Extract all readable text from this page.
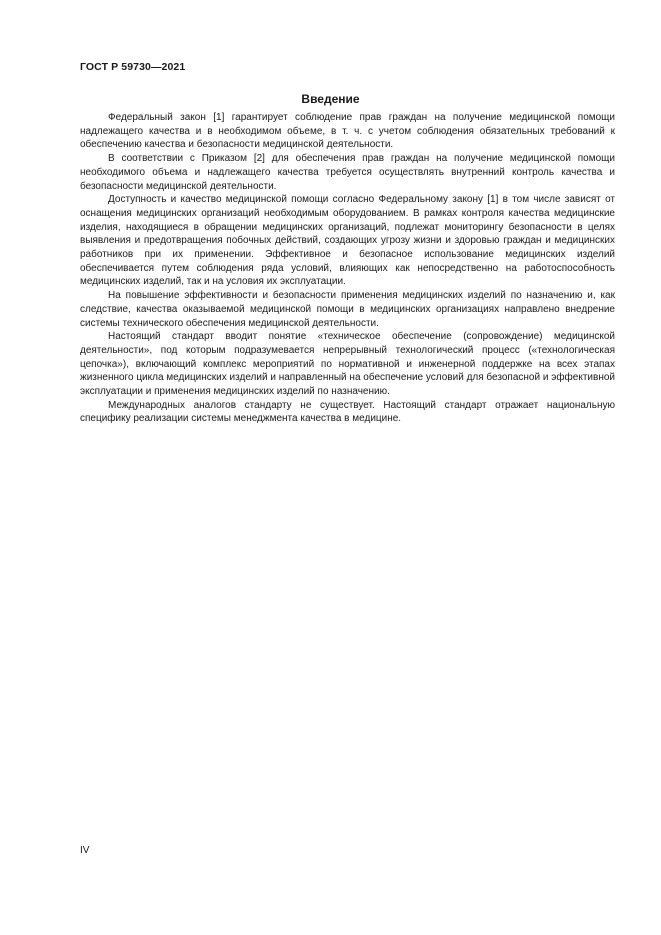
ГОСТ Р 59730—2021
Введение

Федеральный закон [1] гарантирует соблюдение прав граждан на получение медицинской помощи надлежащего качества и в необходимом объеме, в т. ч. с учетом соблюдения обязательных требований к обеспечению качества и безопасности медицинской деятельности.

В соответствии с Приказом [2] для обеспечения прав граждан на получение медицинской помощи необходимого объема и надлежащего качества требуется осуществлять внутренний контроль качества и безопасности медицинской деятельности.

Доступность и качество медицинской помощи согласно Федеральному закону [1] в том числе зависят от оснащения медицинских организаций необходимым оборудованием. В рамках контроля качества медицинские изделия, находящиеся в обращении медицинских организаций, подлежат мониторингу безопасности в целях выявления и предотвращения побочных действий, создающих угрозу жизни и здоровью граждан и медицинских работников при их применении. Эффективное и безопасное использование медицинских изделий обеспечивается путем соблюдения ряда условий, влияющих как непосредственно на работоспособность медицинских изделий, так и на условия их эксплуатации.

На повышение эффективности и безопасности применения медицинских изделий по назначению и, как следствие, качества оказываемой медицинской помощи в медицинских организациях направлено внедрение системы технического обеспечения медицинской деятельности.

Настоящий стандарт вводит понятие «техническое обеспечение (сопровождение) медицинской деятельности», под которым подразумевается непрерывный технологический процесс («технологическая цепочка»), включающий комплекс мероприятий по нормативной и инженерной поддержке на всех этапах жизненного цикла медицинских изделий и направленный на обеспечение условий для безопасной и эффективной эксплуатации и применения медицинских изделий по назначению.

Международных аналогов стандарту не существует. Настоящий стандарт отражает национальную специфику реализации системы менеджмента качества в медицине.

IV
